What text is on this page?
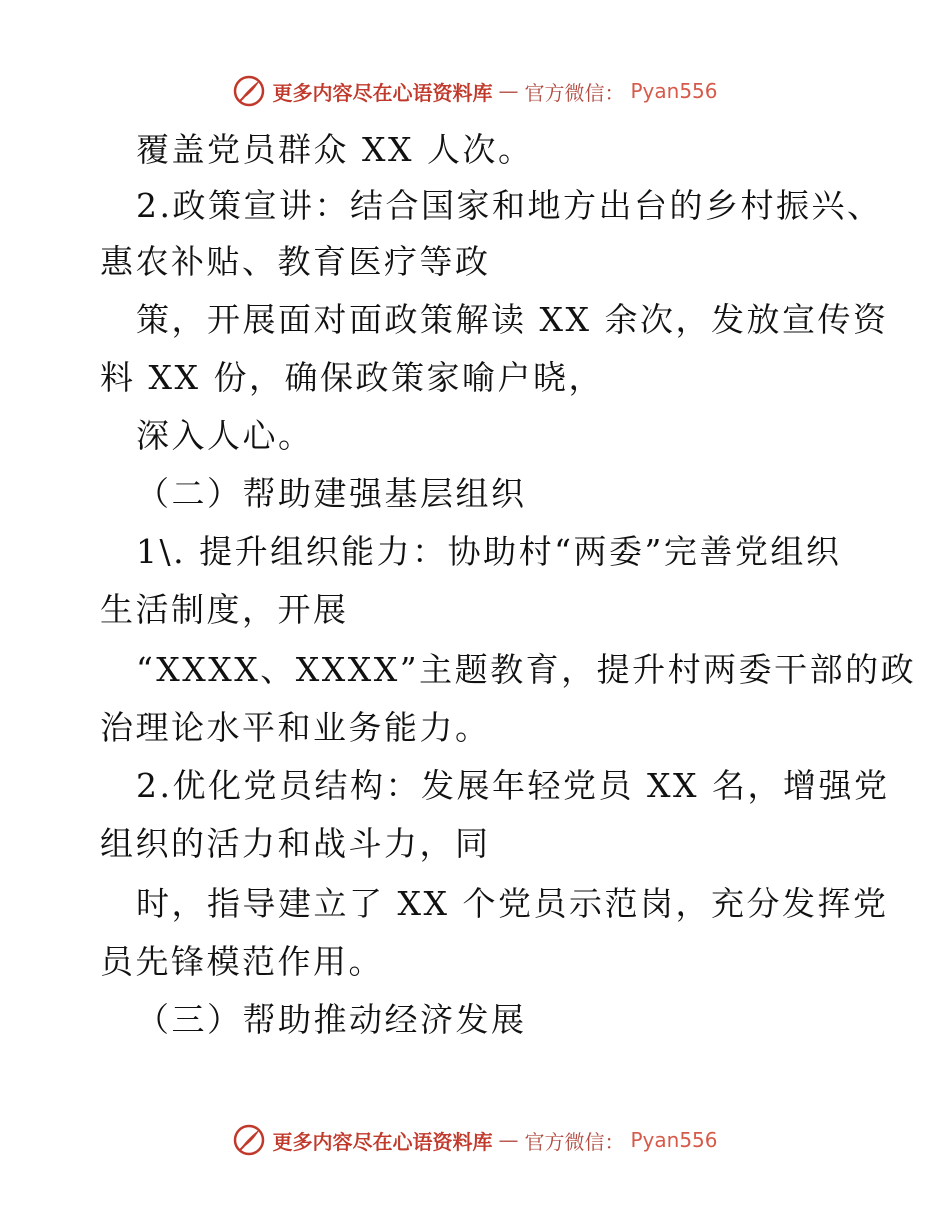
更多内容尽在心语资料库 — 官方微信： Pyan556
覆盖党员群众 XX 人次。
2.政策宣讲：结合国家和地方出台的乡村振兴、
惠农补贴、教育医疗等政
策，开展面对面政策解读 XX 余次，发放宣传资
料 XX 份，确保政策家喻户晓，
深入人心。
（二）帮助建强基层组织
1\. 提升组织能力：协助村“两委”完善党组织
生活制度，开展
“XXXX、XXXX”主题教育，提升村两委干部的政
治理论水平和业务能力。
2.优化党员结构：发展年轻党员 XX 名，增强党
组织的活力和战斗力，同
时，指导建立了 XX 个党员示范岗，充分发挥党
员先锋模范作用。
（三）帮助推动经济发展
更多内容尽在心语资料库 — 官方微信： Pyan556
